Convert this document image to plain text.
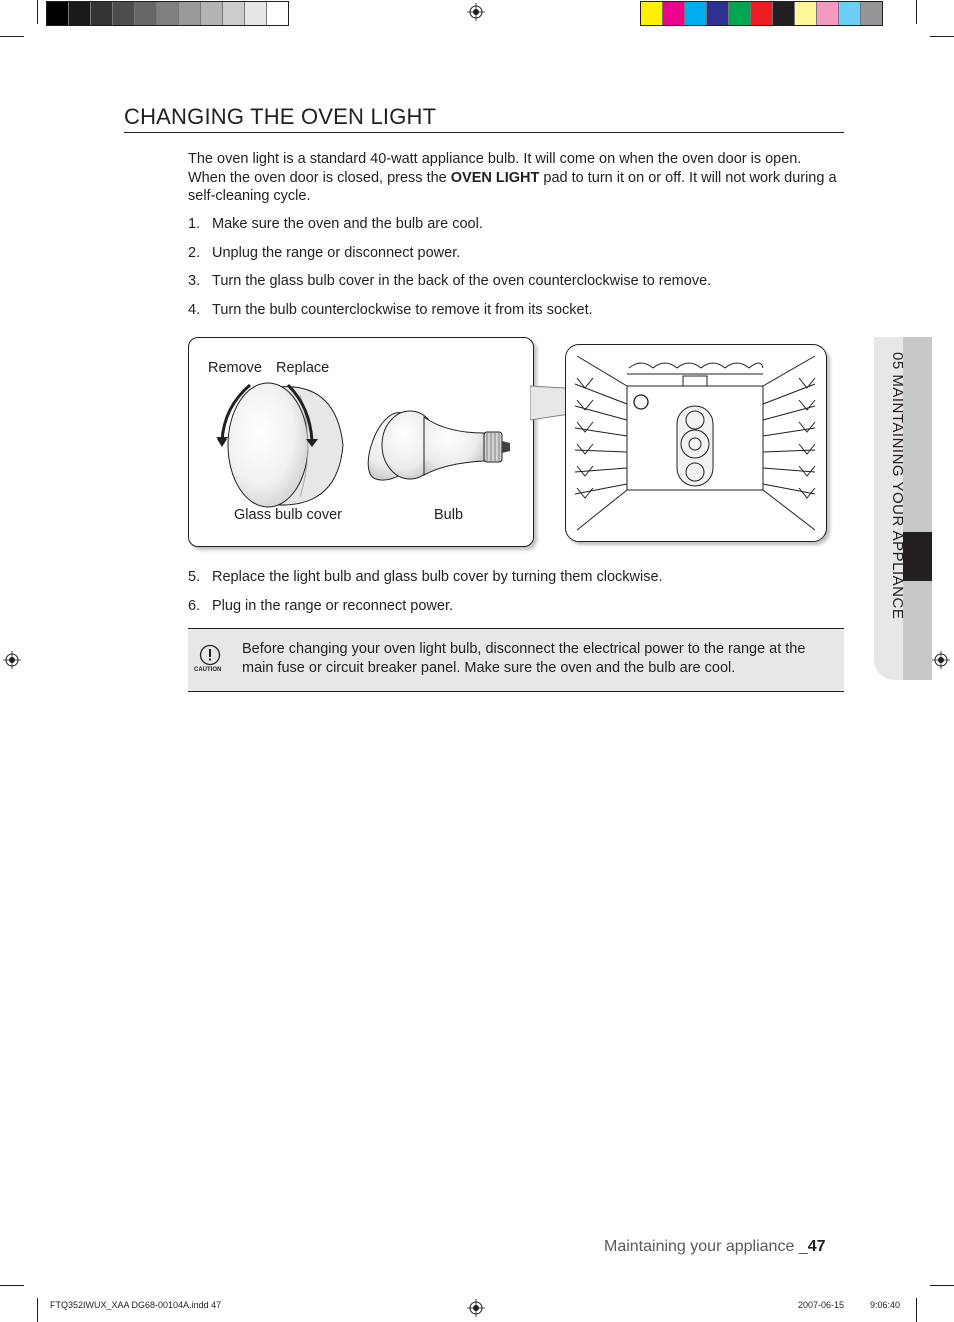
CHANGING THE OVEN LIGHT

The oven light is a standard 40-watt appliance bulb. It will come on when the oven door is open. When the oven door is closed, press the OVEN LIGHT pad to turn it on or off. It will not work during a self-cleaning cycle.

1. Make sure the oven and the bulb are cool.
2. Unplug the range or disconnect power.
3. Turn the glass bulb cover in the back of the oven counterclockwise to remove.
4. Turn the bulb counterclockwise to remove it from its socket.
Remove Replace
Glass bulb cover	Bulb
5. Replace the light bulb and glass bulb cover by turning them clockwise.
6. Plug in the range or reconnect power.
CAUTION
Before changing your oven light bulb, disconnect the electrical power to the range at the main fuse or circuit breaker panel. Make sure the oven and the bulb are cool.
05 MAINTAINING YOUR APPLIANCE
Maintaining your appliance _47
FTQ352IWUX_XAA DG68-00104A.indd 47	2007-06-15	9:06:40
